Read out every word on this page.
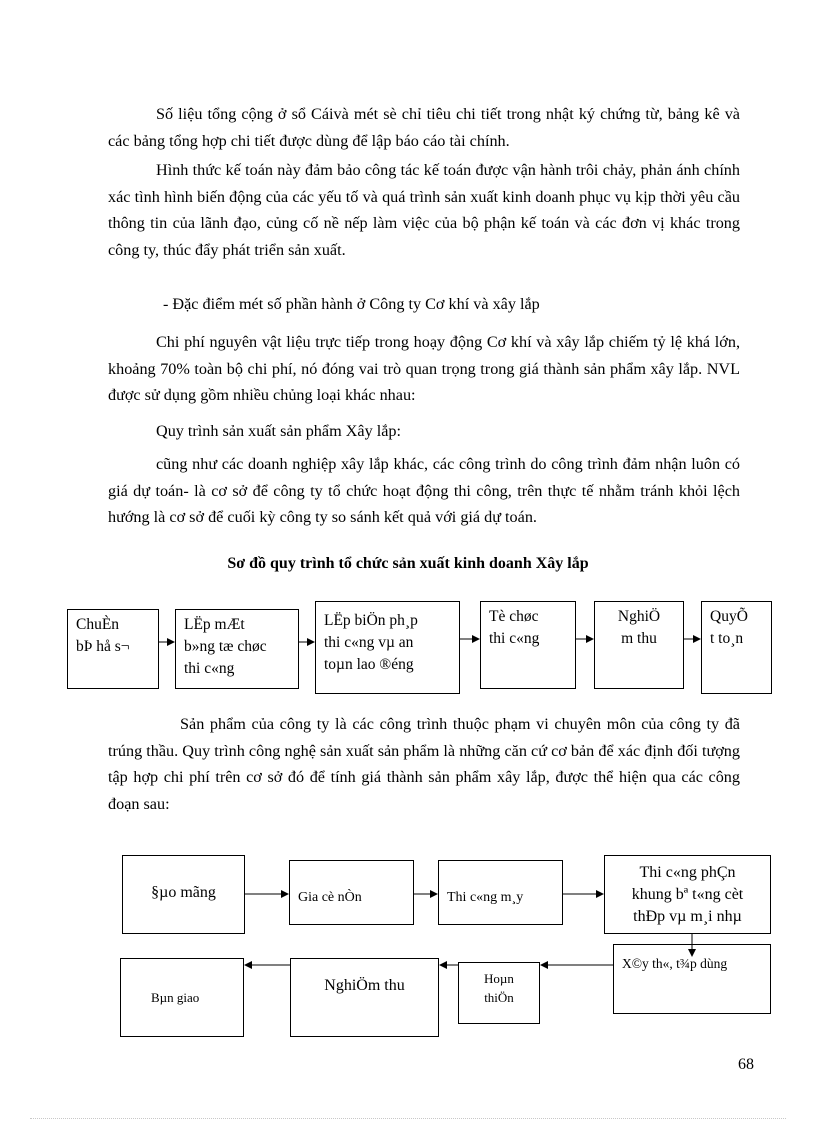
Số liệu tổng cộng ở sổ Cáivà mét sè chỉ tiêu chi tiết trong nhật ký chứng từ, bảng kê và các bảng tổng hợp chi tiết được dùng để lập báo cáo tài chính.

Hình thức kế toán này đảm bảo công tác kế toán được vận hành trôi chảy, phản ánh chính xác tình hình biến động của các yếu tố và quá trình sản xuất kinh doanh phục vụ kịp thời yêu cầu thông tin của lãnh đạo, củng cố nề nếp làm việc của bộ phận kế toán và các đơn vị khác trong công ty, thúc đẩy phát triển sản xuất.

- Đặc điểm mét số phần hành ở Công ty Cơ khí và xây lắp

Chi phí nguyên vật liệu trực tiếp trong hoạy động Cơ khí và xây lắp chiếm tỷ lệ khá lớn, khoảng 70% toàn bộ chi phí, nó đóng vai trò quan trọng trong giá thành sản phẩm xây lắp. NVL được sử dụng gồm nhiều chủng loại khác nhau:

Quy trình sản xuất sản phẩm Xây lắp:

cũng như các doanh nghiệp xây lắp khác, các công trình do công trình đảm nhận luôn có giá dự toán- là cơ sở để công ty tổ chức hoạt động thi công, trên thực tế nhằm tránh khỏi lệch hướng là cơ sở để cuối kỳ công ty so sánh kết quả với giá dự toán.

Sơ đồ quy trình tổ chức sản xuất kinh doanh Xây lắp
ChuÈn
bÞ hå s¬
LËp mÆt
b»ng tæ chøc
thi c«ng
LËp biÖn ph¸p
thi c«ng vµ an
toµn lao ®éng
Tè chøc
thi c«ng
NghiÖ
m thu
QuyÕ
t to¸n

Sản phẩm của công ty là các công trình thuộc phạm vi chuyên môn của công ty đã trúng thầu. Quy trình công nghệ sản xuất sản phẩm là những căn cứ cơ bản để xác định đối tượng tập hợp chi phí trên cơ sở đó để tính giá thành sản phẩm xây lắp, được thể hiện qua các công đoạn sau:

§µo mãng	Gia cè nÒn	Thi c«ng m¸y
Thi c«ng phÇn
khung bª t«ng cèt
thÐp vµ m¸i nhµ
X©y th«, t¾p dùng
Hoµn
thiÖn
NghiÖm thu
Bµn giao
68
